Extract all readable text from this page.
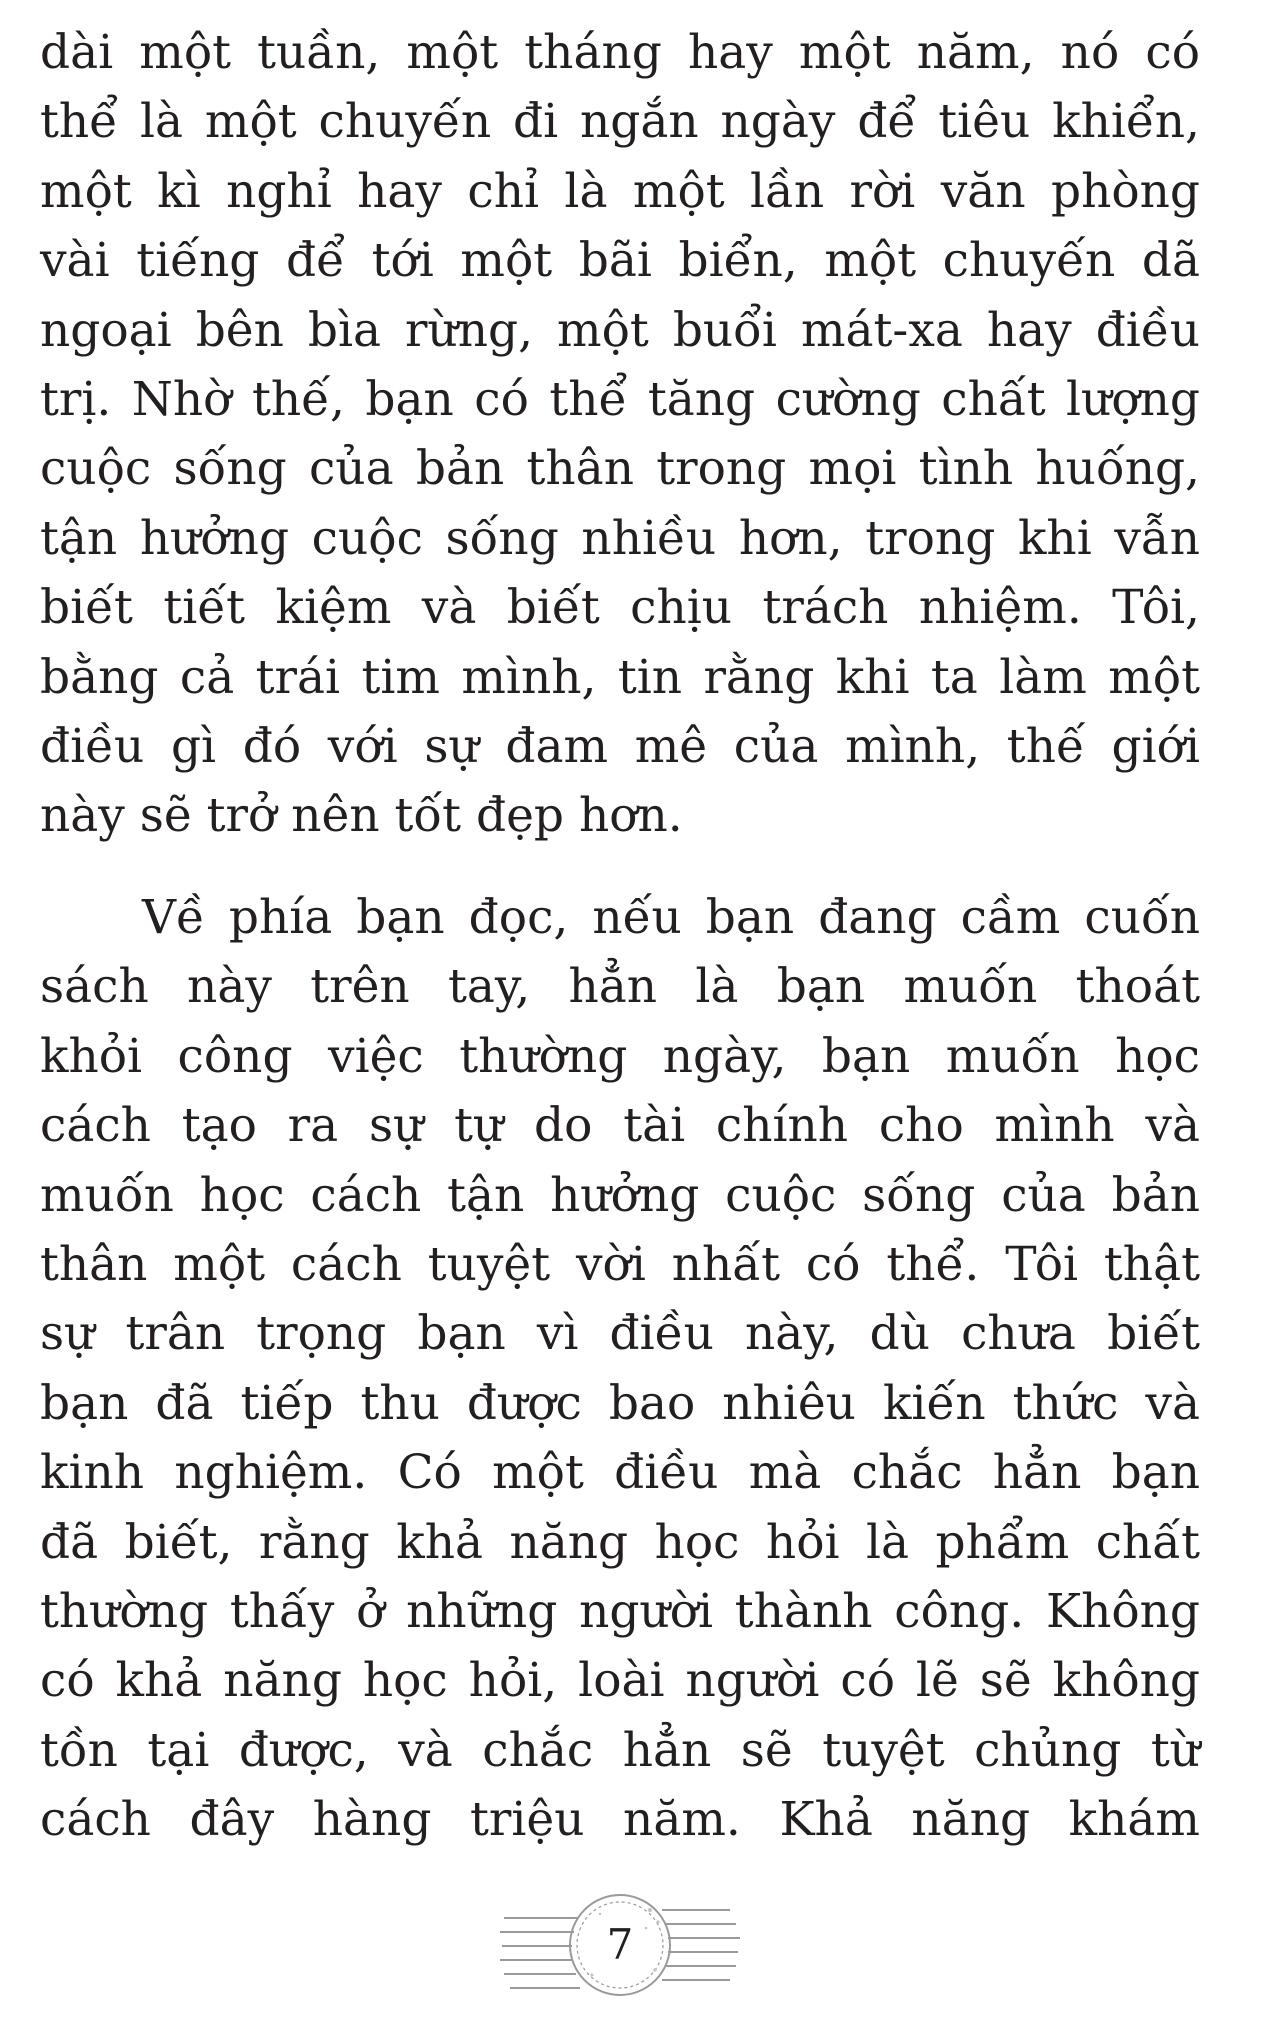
dài một tuần, một tháng hay một năm, nó có
thể là một chuyến đi ngắn ngày để tiêu khiển,
một kì nghỉ hay chỉ là một lần rời văn phòng
vài tiếng để tới một bãi biển, một chuyến dã
ngoại bên bìa rừng, một buổi mát-xa hay điều
trị. Nhờ thế, bạn có thể tăng cường chất lượng
cuộc sống của bản thân trong mọi tình huống,
tận hưởng cuộc sống nhiều hơn, trong khi vẫn
biết tiết kiệm và biết chịu trách nhiệm. Tôi,
bằng cả trái tim mình, tin rằng khi ta làm một
điều gì đó với sự đam mê của mình, thế giới
này sẽ trở nên tốt đẹp hơn.

Về phía bạn đọc, nếu bạn đang cầm cuốn
sách này trên tay, hẳn là bạn muốn thoát
khỏi công việc thường ngày, bạn muốn học
cách tạo ra sự tự do tài chính cho mình và
muốn học cách tận hưởng cuộc sống của bản
thân một cách tuyệt vời nhất có thể. Tôi thật
sự trân trọng bạn vì điều này, dù chưa biết
bạn đã tiếp thu được bao nhiêu kiến thức và
kinh nghiệm. Có một điều mà chắc hẳn bạn
đã biết, rằng khả năng học hỏi là phẩm chất
thường thấy ở những người thành công. Không
có khả năng học hỏi, loài người có lẽ sẽ không
tồn tại được, và chắc hẳn sẽ tuyệt chủng từ
cách đây hàng triệu năm. Khả năng khám

7
